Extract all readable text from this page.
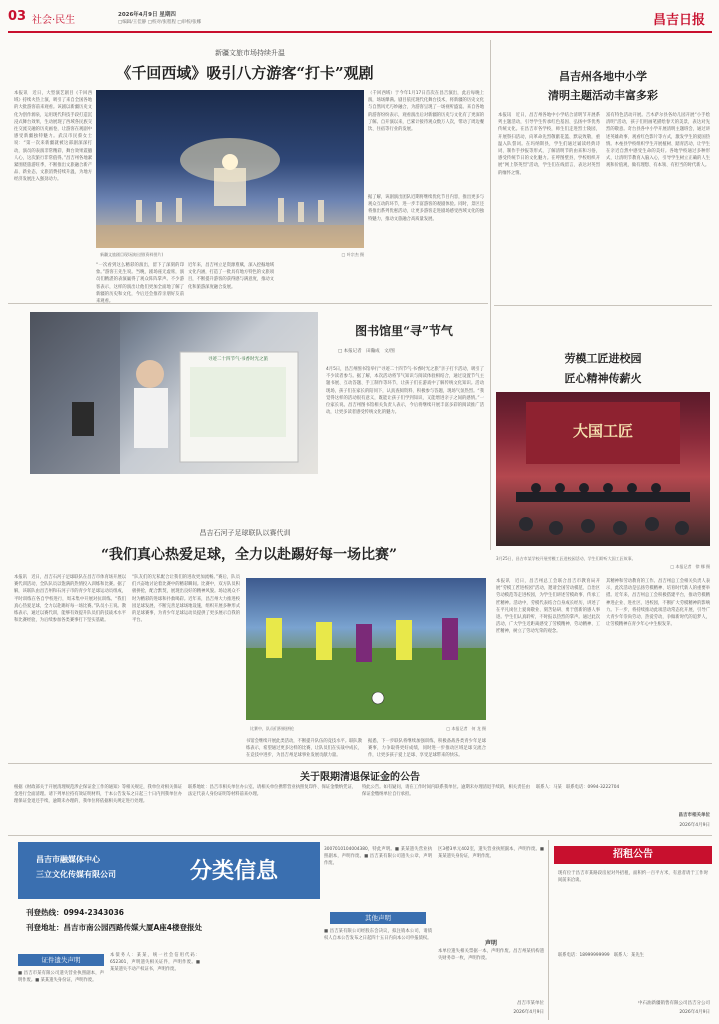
03 社会·民生	2026年4月9日 星期四
□编辑/王佳静 □校对/张程程 □审校/张娜	昌吉日报
新疆文旅市场持续升温
《千回西域》吸引八方游客“打卡”观剧
本报讯　近日，大型演艺剧目《千回西域》持续火热上演，吸引了来自全国各地的大批游客前来观看。该剧以新疆历史文化为创作源泉，运用现代科技手段打造沉浸式舞台效果，生动展现了西域各民族交往交流交融的历史画卷，让游客在观剧中感受新疆独特魅力。武汉市民蔡女士说：“第一次来新疆就被这部剧深深打动，演员的表演非常精彩，舞台效果震撼人心，这次旅行非常值得。”昌吉州各地紧紧围绕旅游旺季，不断推出文旅融合新产品、新业态，文旅消费持续升温，为地方经济发展注入强劲动力。
（千回西域）于今年1月17日首次在昌吉演出，此后每晚上演，场场爆满。剧目依托现代化舞台技术，将新疆的历史文化与自然风光巧妙融合，为游客呈现了一场视听盛宴。来自各地的游客纷纷表示，观看演出后对新疆的历史与文化有了更深的了解。自开演以来，已累计接待观众数万人次，带动了周边餐饮、住宿等行业的发展。
据了解，该剧演出团队近期将继续优化节目内容，推出更多与观众互动的环节，进一步丰富游客的观剧体验。同时，景区还将推出系列优惠活动，让更多游客走进剧场感受西域文化的独特魅力，推动文旅融合高质量发展。
新疆文旅剧目现场演出照(资料图片)	□ 叶宗杰 摄
“一次看到这么精彩的演出，留下了深刻的印象。”游客王先生说。当晚，剧场座无虚席，演员们精湛的表演赢得了观众阵阵掌声。不少游客表示，这样的演出让他们更加全面地了解了新疆的历史和文化，今后还会推荐亲朋好友前来观看。
近年来，昌吉州立足资源禀赋，深入挖掘地域文化内涵，打造了一批具有地方特色的文旅项目，不断提升游客的获得感与满意度，推动文化和旅游深度融合发展。
昌吉州各地中小学
清明主题活动丰富多彩
本报讯　近日，昌吉州各地中小学结合清明节开展系列主题活动，引导学生传承红色基因、弘扬中华优秀传统文化。在昌吉市各学校，师生们走进烈士陵园，开展祭扫活动，向革命先烈敬献花篮、默哀致敬，重温入队誓词。在玛纳斯县，学生们通过诵读经典诗词、制作手抄报等形式，了解清明节的由来和习俗，感受传统节日的文化魅力。在呼图壁县，学校组织开展“网上祭英烈”活动，学生们在线留言，表达对英烈的缅怀之情。
富有特色活动开展。吉木萨尔县各幼儿园开展“小手绘清明”活动，孩子们用画笔描绘春天的美景，表达对先烈的敬意。奇台县各中小学开展清明主题班会，通过讲述英雄故事、观看红色影片等方式，激发学生的爱国热情。木垒县学校组织学生开展植树、踏青活动，让学生在亲近自然中感受生命的美好。各地学校通过多种形式，让清明节教育入脑入心，引导学生树立正确的人生观和价值观，做有理想、有本领、有担当的时代新人。
寻迹二十四节气·书香时光之旅
图书馆里“寻”节气
□ 本报记者　田瀚成　文/图
4月5日，昌吉州图书馆举行“寻迹二十四节气·书香时光之旅”亲子打卡活动，吸引了不少读者参与。据了解，本次活动将节气知识与阅读体验相结合，通过设置节气主题书展、互动答题、手工制作等环节，让孩子们在游戏中了解传统文化知识。活动现场，孩子们在家长的陪同下，认真查阅资料、积极参与答题，现场气氛热烈。“我觉得这样的活动很有意义，既能让孩子们学到知识，又能增进亲子之间的感情。”一位家长说。昌吉州图书馆相关负责人表示，今后将继续开展丰富多彩的阅读推广活动，让更多读者感受传统文化的魅力。
劳模工匠进校园
匠心精神传薪火
大国工匠
3月25日，昌吉市某学校开展劳模工匠进校园活动，学生们聆听大国工匠故事。
□ 本报记者　徐 娜 摄
本报讯　近日，昌吉州总工会联合昌吉市教育局开展“劳模工匠进校园”活动，邀请全国劳动模范、自治区劳动模范等走进校园，为学生们讲述劳模故事、传承工匠精神。活动中，劳模代表结合自身成长经历，讲述了在平凡岗位上爱岗敬业、刻苦钻研、勇于创新的感人事迹。学生们认真聆听，不时报以热烈的掌声。通过此次活动，广大学生近距离感受了劳模精神、劳动精神、工匠精神，树立了劳动光荣的观念。
其精神和劳动教育的工作。昌吉州总工会相关负责人表示，此次活动是弘扬劳模精神、培育时代新人的重要举措。近年来，昌吉州总工会积极搭建平台，推动劳模精神进企业、进社区、进校园，不断扩大劳模精神的影响力。下一步，将持续推动此项活动常态化开展，引导广大青少年崇尚劳动、热爱劳动，争做新时代的追梦人，让劳模精神在青少年心中生根发芽。
昌吉石河子足球联队以赛代训
“我们真心热爱足球，全力以赴踢好每一场比赛”
本报讯　近日，昌吉石河子足球联队在昌吉市体育场开展以赛代训活动，全队队员以饱满的热情投入训练和比赛。据了解，该联队由昌吉州和石河子市的青少年足球运动员组成，平时训练在各自学校进行，周末集中开展对抗训练。“我们真心热爱足球，全力以赴踢好每一场比赛。”队员小王说。教练表示，通过以赛代训，能够有效提升队员们的技战术水平和比赛经验，为后续参加各类赛事打下坚实基础。
“队友们的无私配合让我们的进攻更加流畅。”赛后，队员们兴奋地讨论着比赛中的精彩瞬间。比赛中，双方队员积极拼抢，配合默契，展现出良好的精神风貌。场边观众不时为精彩的进球和扑救喝彩。近年来，昌吉州大力推进校园足球发展，不断完善足球场地设施，组织开展多种形式的足球赛事，为青少年足球运动员提供了更多展示自我的平台。
比赛中，队员们积极拼抢	□ 本报记者　何 龙 摄
书馆会继续开展此类活动，不断提升队伍的竞技水平。联队教练表示，希望通过更多这样的比赛，让队员们在实战中成长，在竞技中进步，为昌吉州足球事业发展贡献力量。
据悉，下一步联队将继续加强训练，积极备战各类青少年足球赛事，力争取得更好成绩，同时进一步推动区域足球交流合作，让更多孩子爱上足球、享受足球带来的快乐。
关于限期清退保证金的公告
根据《财政部关于开展清理规范涉企保证金工作的通知》等相关规定，我单位对相关保证金进行全面清理。请下列单位持有效证明材料，于本公告发布之日起三十日内到我单位办理保证金退还手续，逾期未办理的，我单位将依据相关规定进行处理。
联系地址：昌吉市相关单位办公室。请相关单位携带营业执照复印件、保证金缴纳凭证、法定代表人身份证明等材料前来办理。
特此公告。如有疑问，请在工作时间内联系我单位。逾期未办理清退手续的，相关责任由保证金缴纳单位自行承担。
联系人：马某　联系电话：0994-3222704
昌吉市相关单位
2026年4月9日
昌吉市融媒体中心
三立文化传媒有限公司	分类信息
刊登热线：0994-2343036
刊登地址：昌吉市南公园西路传媒大厦A座4楼登报处
证件遗失声明
■ 昌吉市某有限公司遗失营业执照副本，声明作废。■ 某某遗失身份证，声明作废。
本债务人：某某，统一社会信用代码：652301，声明遗失相关证件，声明作废。■ 某某遗失不动产权证书，声明作废。
3007010104004380，特此声明。■ 某某遗失营业执照副本，声明作废。■ 昌吉某有限公司遗失公章，声明作废。
其他声明
■ 昌吉某有限公司经股东会决议，拟注销本公司，请债权人自本公告发布之日起四十五日内向本公司申报债权。
区3楼3单元402室，遗失营业执照副本，声明作废。■ 某某遗失身份证，声明作废。
声明
本单位遗失相关票据一本，声明作废。昌吉州某机构遗失财务章一枚，声明作废。
昌吉市某单位
2026年4月9日
招租公告
现有位于昌吉市某路段房屋对外招租，面积约一百平方米，有意者请于工作时间前来洽谈。
联系电话：18999999999　联系人：某先生
中石油新疆销售有限公司昌吉分公司
2026年4月9日
